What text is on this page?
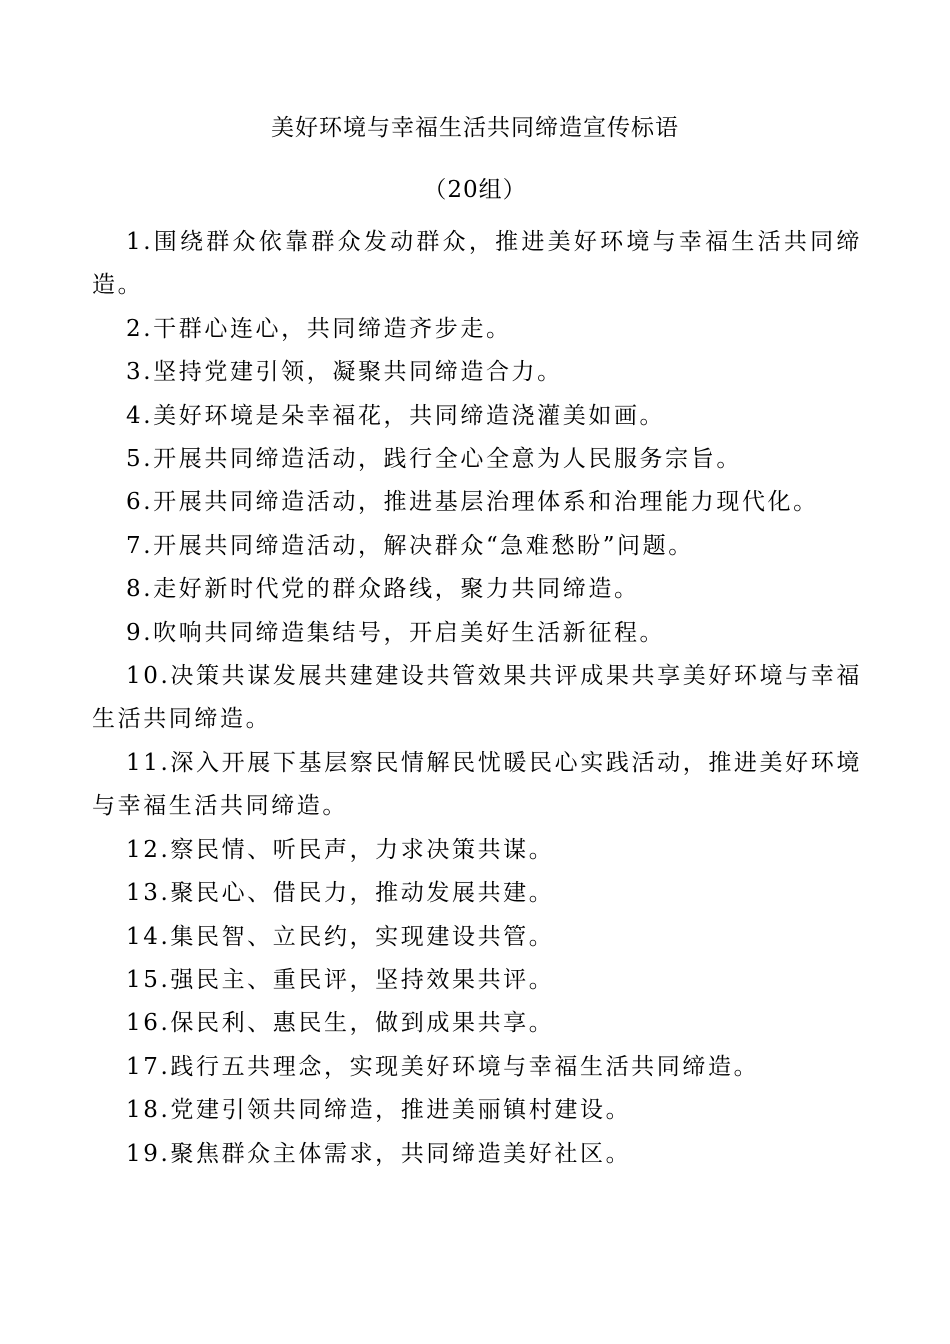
美好环境与幸福生活共同缔造宣传标语
（20组）
1.围绕群众依靠群众发动群众，推进美好环境与幸福生活共同缔造。
2.干群心连心，共同缔造齐步走。
3.坚持党建引领，凝聚共同缔造合力。
4.美好环境是朵幸福花，共同缔造浇灌美如画。
5.开展共同缔造活动，践行全心全意为人民服务宗旨。
6.开展共同缔造活动，推进基层治理体系和治理能力现代化。
7.开展共同缔造活动，解决群众“急难愁盼”问题。
8.走好新时代党的群众路线，聚力共同缔造。
9.吹响共同缔造集结号，开启美好生活新征程。
10.决策共谋发展共建建设共管效果共评成果共享美好环境与幸福生活共同缔造。
11.深入开展下基层察民情解民忧暖民心实践活动，推进美好环境与幸福生活共同缔造。
12.察民情、听民声，力求决策共谋。
13.聚民心、借民力，推动发展共建。
14.集民智、立民约，实现建设共管。
15.强民主、重民评，坚持效果共评。
16.保民利、惠民生，做到成果共享。
17.践行五共理念，实现美好环境与幸福生活共同缔造。
18.党建引领共同缔造，推进美丽镇村建设。
19.聚焦群众主体需求，共同缔造美好社区。
